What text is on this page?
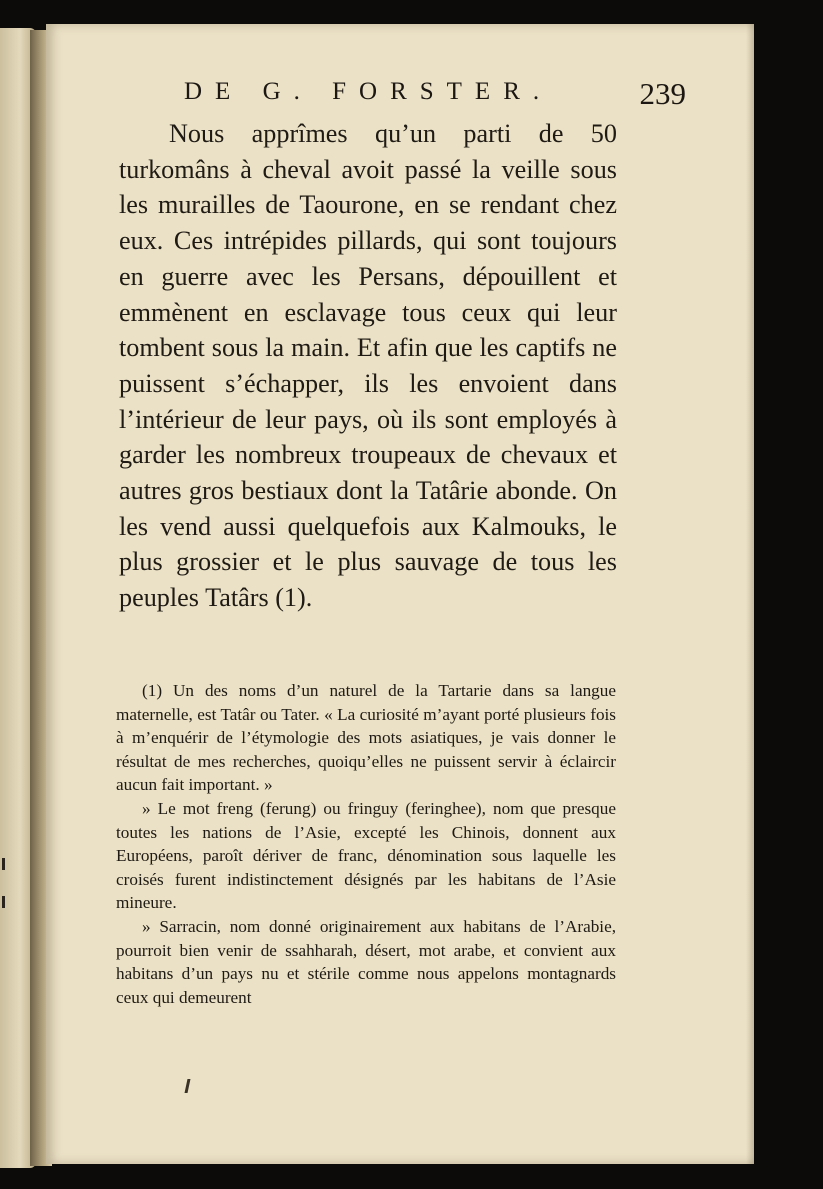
DE G. FORSTER.	239

Nous apprîmes qu’un parti de 50 turkomâns à cheval avoit passé la veille sous les murailles de Taourone, en se rendant chez eux. Ces intrépides pillards, qui sont toujours en guerre avec les Persans, dépouillent et emmènent en esclavage tous ceux qui leur tombent sous la main. Et afin que les captifs ne puissent s’échapper, ils les envoient dans l’intérieur de leur pays, où ils sont employés à garder les nombreux troupeaux de chevaux et autres gros bestiaux dont la Tatârie abonde. On les vend aussi quelquefois aux Kalmouks, le plus grossier et le plus sauvage de tous les peuples Tatârs (1).

(1) Un des noms d’un naturel de la Tartarie dans sa langue maternelle, est Tatâr ou Tater. « La curiosité m’ayant porté plusieurs fois à m’enquérir de l’étymologie des mots asiatiques, je vais donner le résultat de mes recherches, quoiqu’elles ne puissent servir à éclaircir aucun fait important. »

» Le mot freng (ferung) ou fringuy (feringhee), nom que presque toutes les nations de l’Asie, excepté les Chinois, donnent aux Européens, paroît dériver de franc, dénomination sous laquelle les croisés furent indistinctement désignés par les habitans de l’Asie mineure.

» Sarracin, nom donné originairement aux habitans de l’Arabie, pourroit bien venir de ssahharah, désert, mot arabe, et convient aux habitans d’un pays nu et stérile comme nous appelons montagnards ceux qui demeurent
